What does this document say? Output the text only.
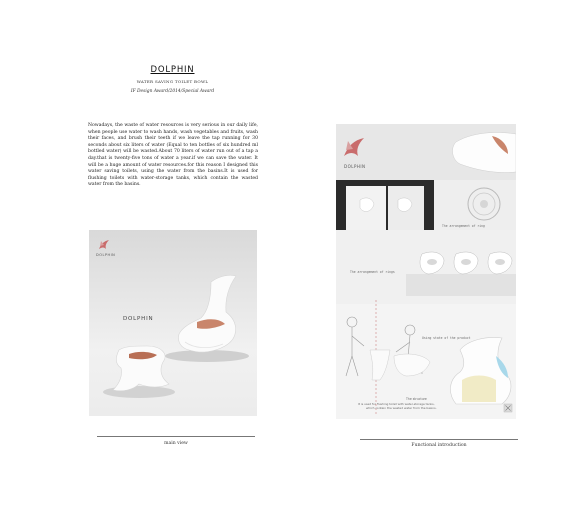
DOLPHIN
WATER SAVING TOILET BOWL
IF Design Award/2014/Special Award

Nowadays, the waste of water resources is very serious in our daily life, when people use water to wash hands, wash vegetables and fruits, wash their faces, and brush their teeth if we leave the tap running for 30 seconds about six liters of water (Equal to ten bottles of six hundred ml bottled water) will be wasted.About 70 liters of water run out of a tap a day.that is twenty-five tons of water a year.if we can save the water. It will be a huge amount of water resources.for this reason I designed this water saving toilets, using the water from the basins.It is used for flushing toilets with water-storage tanks, which contain the wasted water from the basins.

DOLPHIN
DOLPHIN
main view
DOLPHIN
The arrangement of ring
The arrangement of rings
Using state of the product
The structure
It is used for flushing toilet with water-storage tanks,
which contain the wasted water from the basins.
Functional introduction
